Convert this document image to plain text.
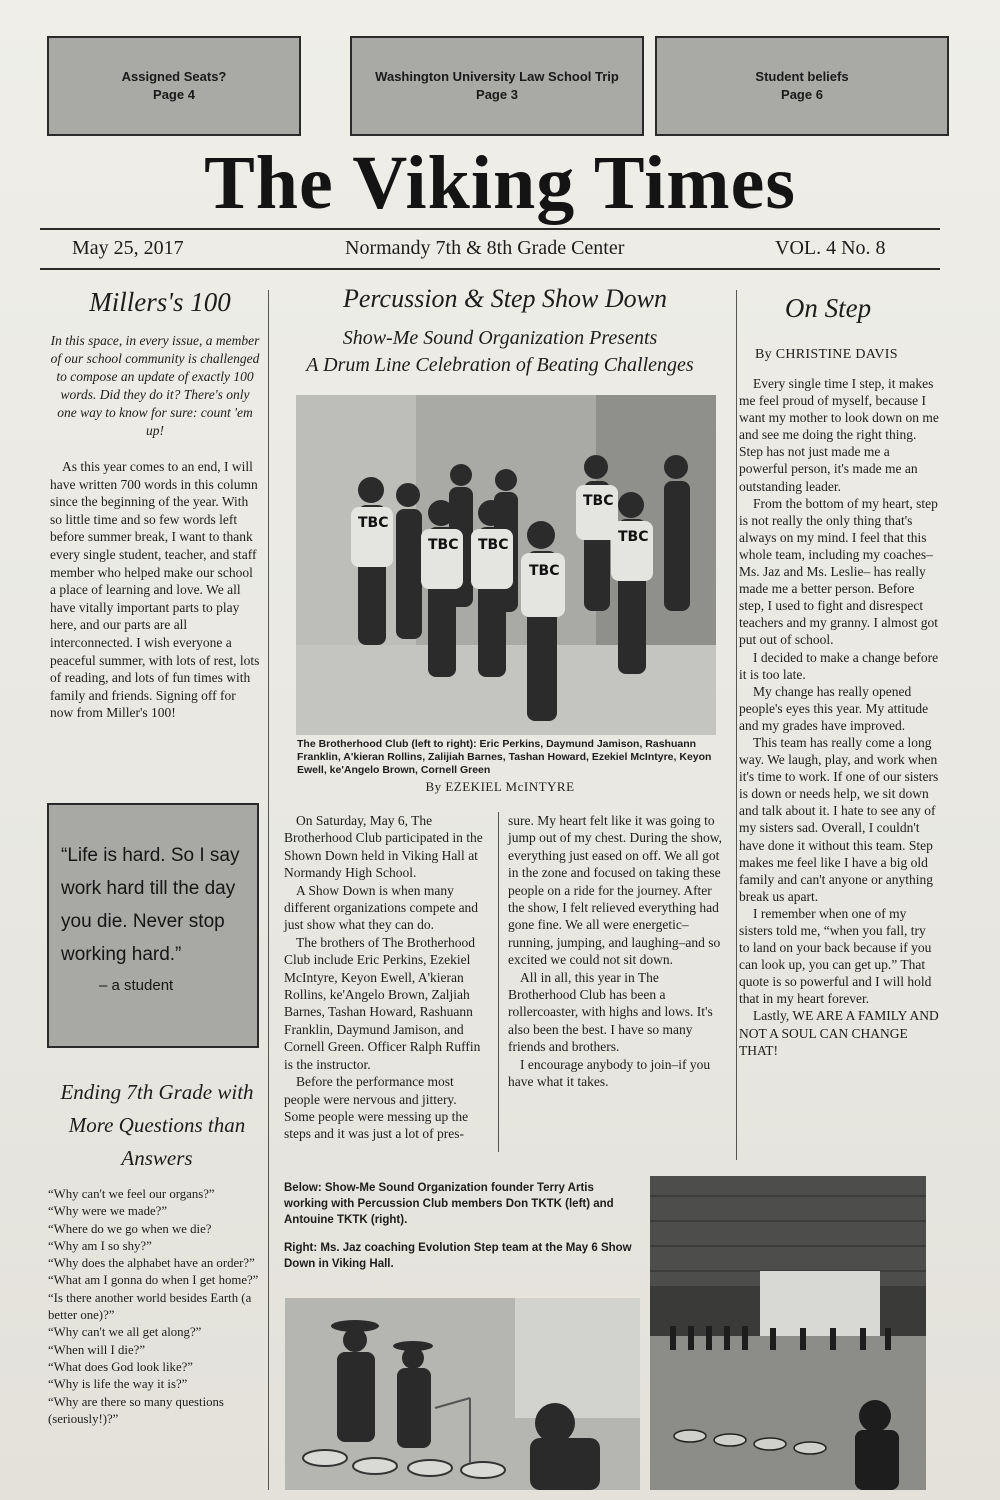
Assigned Seats?
Page 4
Washington University Law School Trip
Page 3
Student beliefs
Page 6
The Viking Times
May 25, 2017	Normandy 7th & 8th Grade Center	VOL. 4 No. 8
Millers's 100

In this space, in every issue, a member of our school community is challenged to compose an update of exactly 100 words. Did they do it? There's only one way to know for sure: count 'em up!

As this year comes to an end, I will have written 700 words in this column since the beginning of the year. With so little time and so few words left before summer break, I want to thank every single student, teacher, and staff member who helped make our school a place of learning and love. We all have vitally important parts to play here, and our parts are all interconnected. I wish everyone a peaceful summer, with lots of rest, lots of reading, and lots of fun times with family and friends. Signing off for now from Miller's 100!

“Life is hard. So I say work hard till the day you die. Never stop working hard.”

– a student
Ending 7th Grade with More Questions than Answers
“Why can't we feel our organs?”
“Why were we made?”
“Where do we go when we die?
“Why am I so shy?”
“Why does the alphabet have an order?”
“What am I gonna do when I get home?”
“Is there another world besides Earth (a better one)?”
“Why can't we all get along?”
“When will I die?”
“What does God look like?”
“Why is life the way it is?”
“Why are there so many questions (seriously!)?”
Percussion & Step Show Down
Show-Me Sound Organization Presents
A Drum Line Celebration of Beating Challenges
TBC
TBC TBC	TBC
TBC
TBC

The Brotherhood Club (left to right): Eric Perkins, Daymund Jamison, Rashuann Franklin, A'kieran Rollins, Zalijiah Barnes, Tashan Howard, Ezekiel McIntyre, Keyon Ewell, ke'Angelo Brown, Cornell Green

By EZEKIEL McINTYRE

On Saturday, May 6, The Brotherhood Club participated in the Shown Down held in Viking Hall at Normandy High School.

A Show Down is when many different organizations compete and just show what they can do.

The brothers of The Brotherhood Club include Eric Perkins, Ezekiel McIntyre, Keyon Ewell, A'kieran Rollins, ke'Angelo Brown, Zaljiah Barnes, Tashan Howard, Rashuann Franklin, Daymund Jamison, and Cornell Green. Officer Ralph Ruffin is the instructor.

Before the performance most people were nervous and jittery. Some people were messing up the steps and it was just a lot of pres-

sure. My heart felt like it was going to jump out of my chest. During the show, everything just eased on off. We all got in the zone and focused on taking these people on a ride for the journey. After the show, I felt relieved everything had gone fine. We all were energetic–running, jumping, and laughing–and so excited we could not sit down.

All in all, this year in The Brotherhood Club has been a rollercoaster, with highs and lows. It's also been the best. I have so many friends and brothers.

I encourage anybody to join–if you have what it takes.

Below: Show-Me Sound Organization founder Terry Artis working with Percussion Club members Don TKTK (left) and Antouine TKTK (right).

Right: Ms. Jaz coaching Evolution Step team at the May 6 Show Down in Viking Hall.

On Step
By CHRISTINE DAVIS

Every single time I step, it makes me feel proud of myself, because I want my mother to look down on me and see me doing the right thing. Step has not just made me a powerful person, it's made me an outstanding leader.

From the bottom of my heart, step is not really the only thing that's always on my mind. I feel that this whole team, including my coaches–Ms. Jaz and Ms. Leslie– has really made me a better person. Before step, I used to fight and disrespect teachers and my granny. I almost got put out of school.

I decided to make a change before it is too late.

My change has really opened people's eyes this year. My attitude and my grades have improved.

This team has really come a long way. We laugh, play, and work when it's time to work. If one of our sisters is down or needs help, we sit down and talk about it. I hate to see any of my sisters sad. Overall, I couldn't have done it without this team. Step makes me feel like I have a big old family and can't anyone or anything break us apart.

I remember when one of my sisters told me, “when you fall, try to land on your back because if you can look up, you can get up.” That quote is so powerful and I will hold that in my heart forever.

Lastly, WE ARE A FAMILY AND NOT A SOUL CAN CHANGE THAT!
